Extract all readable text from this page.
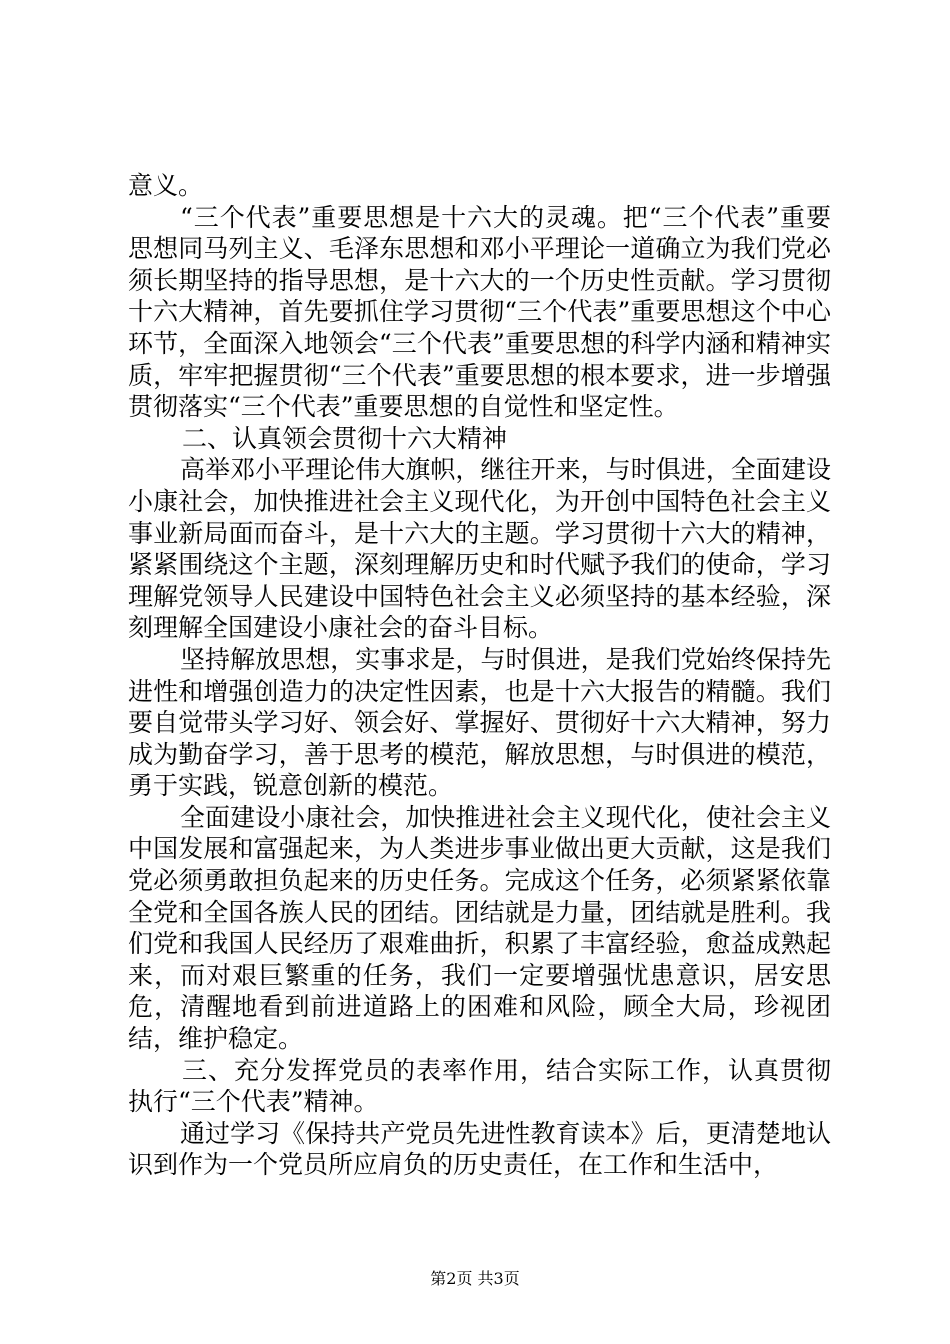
意义。

“三个代表”重要思想是十六大的灵魂。把“三个代表”重要思想同马列主义、毛泽东思想和邓小平理论一道确立为我们党必须长期坚持的指导思想，是十六大的一个历史性贡献。学习贯彻十六大精神，首先要抓住学习贯彻“三个代表”重要思想这个中心环节，全面深入地领会“三个代表”重要思想的科学内涵和精神实质，牢牢把握贯彻“三个代表”重要思想的根本要求，进一步增强贯彻落实“三个代表”重要思想的自觉性和坚定性。

二、认真领会贯彻十六大精神

高举邓小平理论伟大旗帜，继往开来，与时俱进，全面建设小康社会，加快推进社会主义现代化，为开创中国特色社会主义事业新局面而奋斗，是十六大的主题。学习贯彻十六大的精神，紧紧围绕这个主题，深刻理解历史和时代赋予我们的使命，学习理解党领导人民建设中国特色社会主义必须坚持的基本经验，深刻理解全国建设小康社会的奋斗目标。

坚持解放思想，实事求是，与时俱进，是我们党始终保持先进性和增强创造力的决定性因素，也是十六大报告的精髓。我们要自觉带头学习好、领会好、掌握好、贯彻好十六大精神，努力成为勤奋学习，善于思考的模范，解放思想，与时俱进的模范，勇于实践，锐意创新的模范。

全面建设小康社会，加快推进社会主义现代化，使社会主义中国发展和富强起来，为人类进步事业做出更大贡献，这是我们党必须勇敢担负起来的历史任务。完成这个任务，必须紧紧依靠全党和全国各族人民的团结。团结就是力量，团结就是胜利。我们党和我国人民经历了艰难曲折，积累了丰富经验，愈益成熟起来，而对艰巨繁重的任务，我们一定要增强忧患意识，居安思危，清醒地看到前进道路上的困难和风险，顾全大局，珍视团结，维护稳定。

三、充分发挥党员的表率作用，结合实际工作，认真贯彻执行“三个代表”精神。

通过学习《保持共产党员先进性教育读本》后，更清楚地认识到作为一个党员所应肩负的历史责任，在工作和生活中，

第2页 共3页
